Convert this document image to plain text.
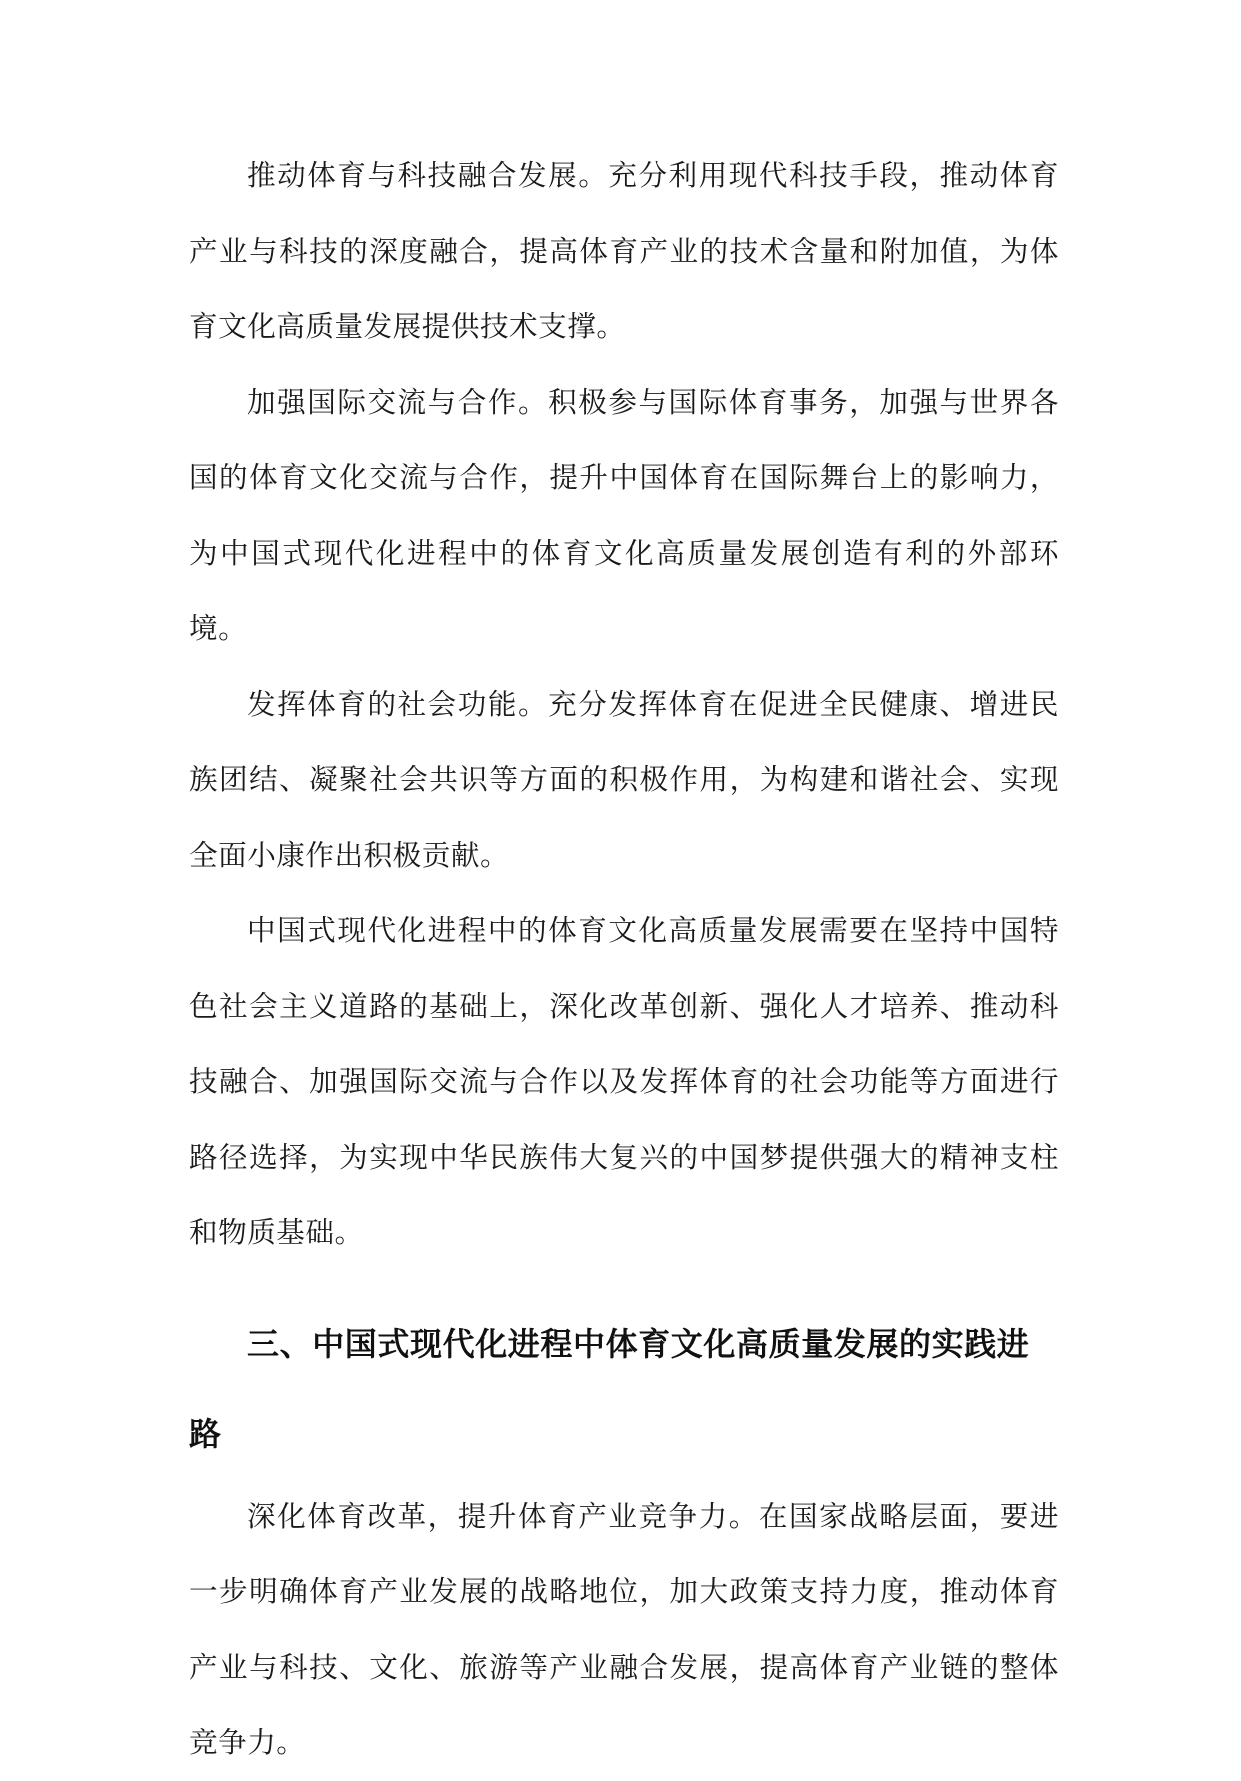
推动体育与科技融合发展。充分利用现代科技手段，推动体育产业与科技的深度融合，提高体育产业的技术含量和附加值，为体育文化高质量发展提供技术支撑。

加强国际交流与合作。积极参与国际体育事务，加强与世界各国的体育文化交流与合作，提升中国体育在国际舞台上的影响力，为中国式现代化进程中的体育文化高质量发展创造有利的外部环境。

发挥体育的社会功能。充分发挥体育在促进全民健康、增进民族团结、凝聚社会共识等方面的积极作用，为构建和谐社会、实现全面小康作出积极贡献。

中国式现代化进程中的体育文化高质量发展需要在坚持中国特色社会主义道路的基础上，深化改革创新、强化人才培养、推动科技融合、加强国际交流与合作以及发挥体育的社会功能等方面进行路径选择，为实现中华民族伟大复兴的中国梦提供强大的精神支柱和物质基础。

三、中国式现代化进程中体育文化高质量发展的实践进路

深化体育改革，提升体育产业竞争力。在国家战略层面，要进一步明确体育产业发展的战略地位，加大政策支持力度，推动体育产业与科技、文化、旅游等产业融合发展，提高体育产业链的整体竞争力。
